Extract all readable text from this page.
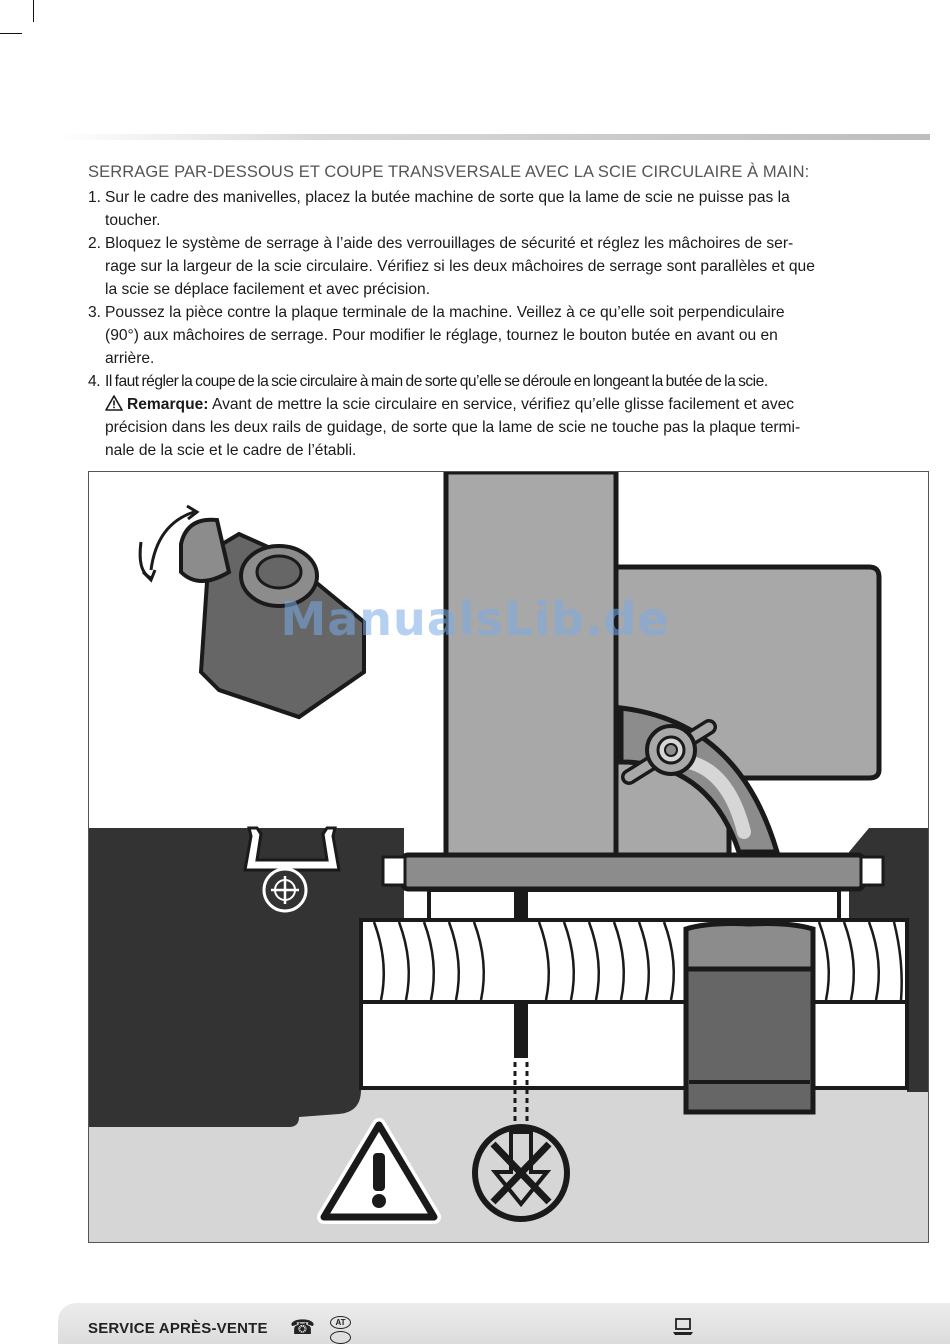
SERRAGE PAR-DESSOUS ET COUPE TRANSVERSALE AVEC LA SCIE CIRCULAIRE À MAIN:
1. Sur le cadre des manivelles, placez la butée machine de sorte que la lame de scie ne puisse pas la
toucher.
2. Bloquez le système de serrage à l’aide des verrouillages de sécurité et réglez les mâchoires de ser-
rage sur la largeur de la scie circulaire. Vérifiez si les deux mâchoires de serrage sont parallèles et que
la scie se déplace facilement et avec précision.
3. Poussez la pièce contre la plaque terminale de la machine. Veillez à ce qu’elle soit perpendiculaire
(90°) aux mâchoires de serrage. Pour modifier le réglage, tournez le bouton butée en avant ou en
arrière.
4. Il faut régler la coupe de la scie circulaire à main de sorte qu’elle se déroule en longeant la butée de la scie.
Remarque: Avant de mettre la scie circulaire en service, vérifiez qu’elle glisse facilement et avec
précision dans les deux rails de guidage, de sorte que la lame de scie ne touche pas la plaque termi-
nale de la scie et le cadre de l’établi.
ManualsLib.de
SERVICE APRÈS-VENTE ☎	AT
